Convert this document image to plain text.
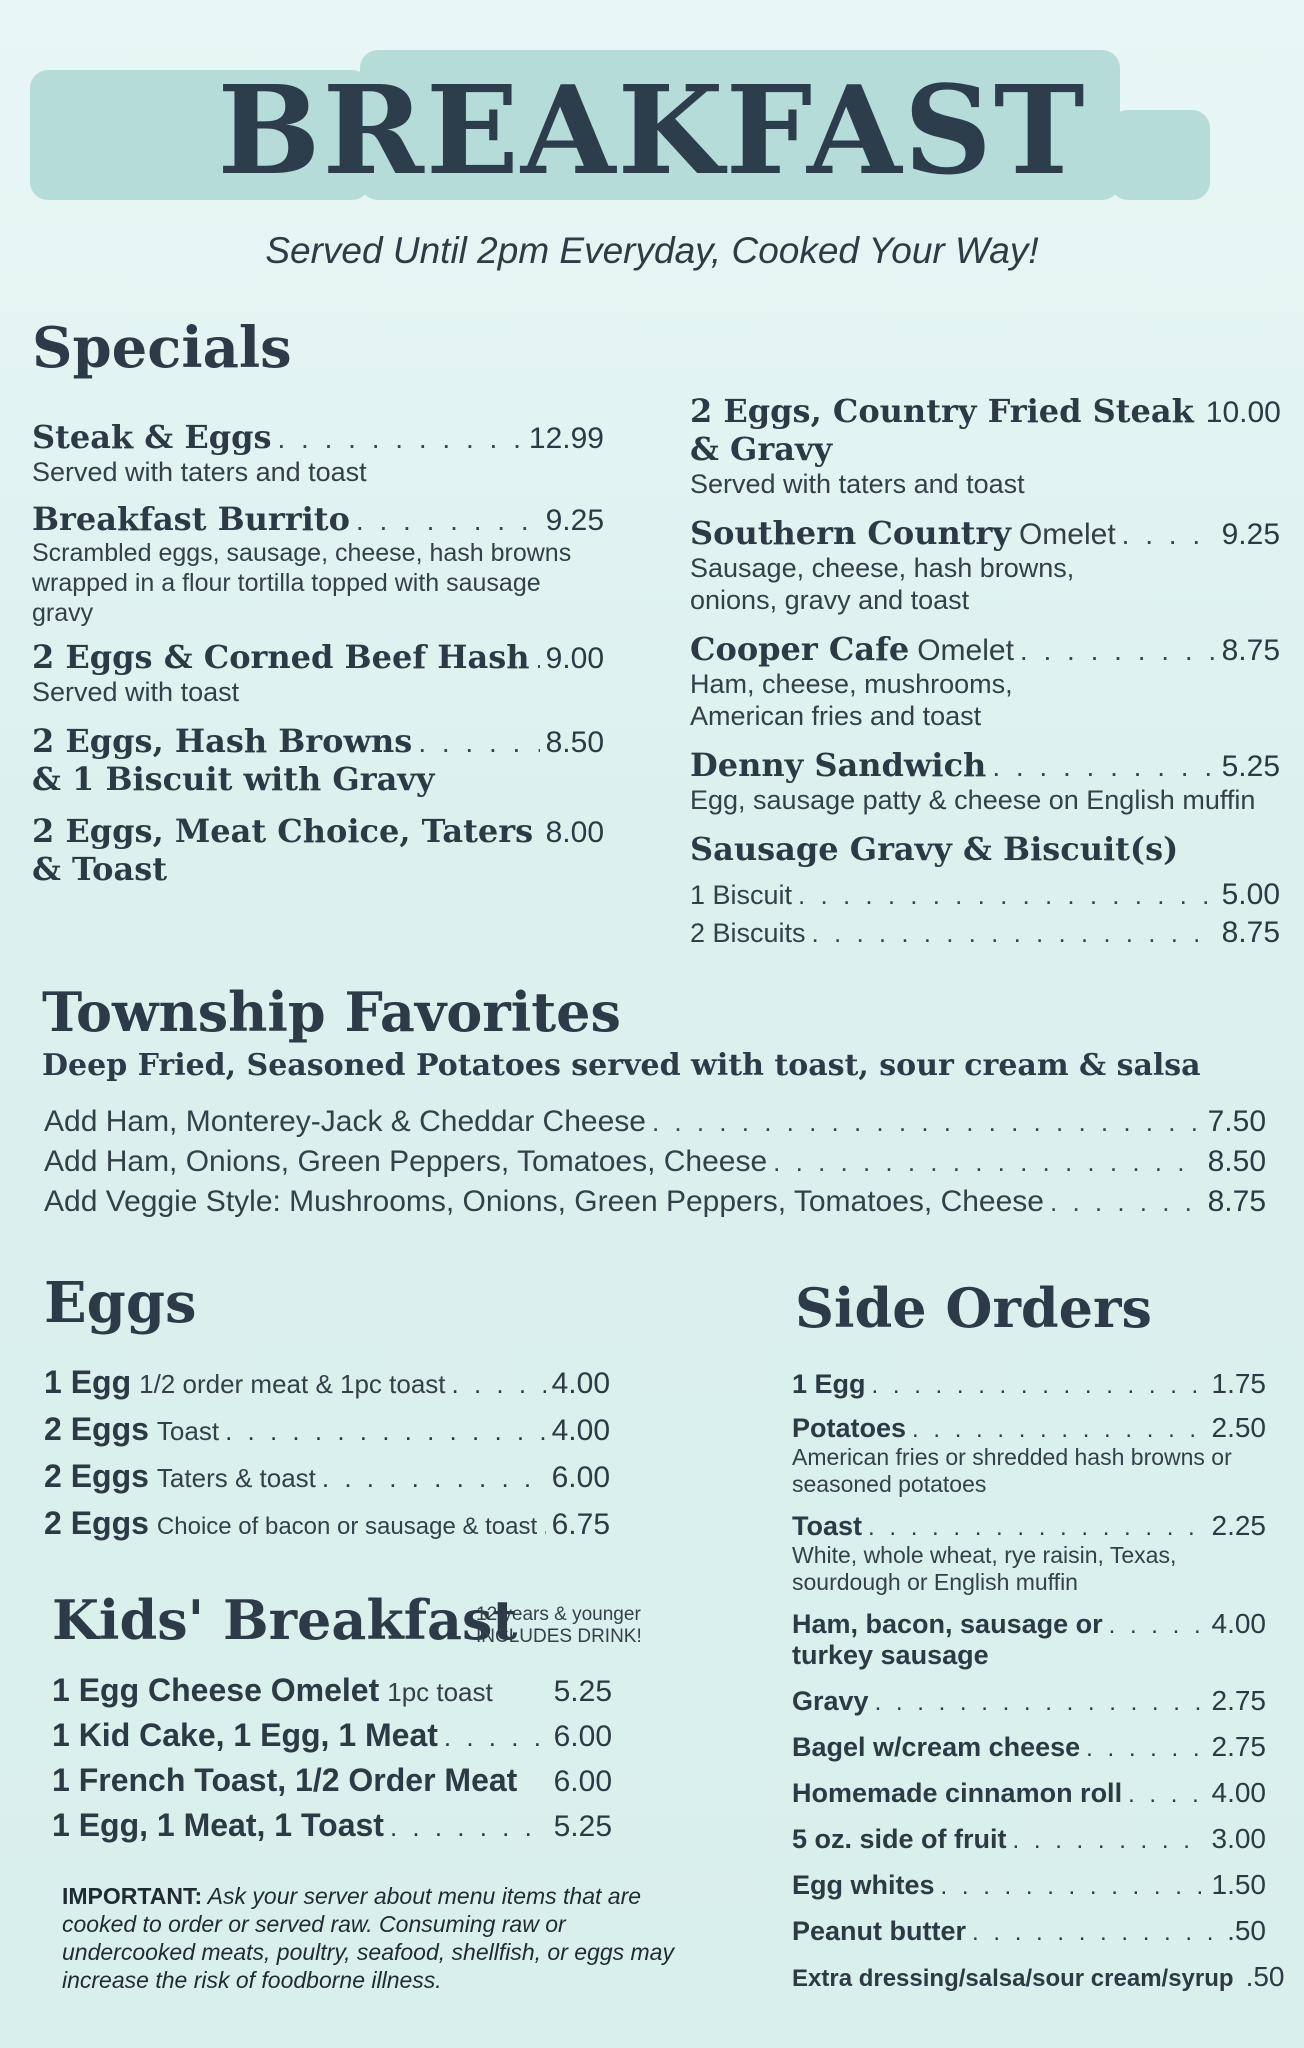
BREAKFAST
Served Until 2pm Everyday, Cooked Your Way!
Specials
Steak & Eggs . . .	12.99
Served with taters and toast
Breakfast Burrito . . .	9.25
Scrambled eggs, sausage, cheese, hash browns wrapped in a flour tortilla topped with sausage gravy
2 Eggs & Corned Beef Hash . . . 9.00
Served with toast
2 Eggs, Hash Browns . . .	8.50
& 1 Biscuit with Gravy
2 Eggs, Meat Choice, Taters . . . 8.00
& Toast
2 Eggs, Country Fried Steak 10.00
& Gravy
Served with taters and toast
Southern Country Omelet . . .	9.25
Sausage, cheese, hash browns, onions, gravy and toast
Cooper Cafe Omelet . . .	8.75
Ham, cheese, mushrooms, American fries and toast
Denny Sandwich . . .	5.25
Egg, sausage patty & cheese on English muffin
Sausage Gravy & Biscuit(s)
1 Biscuit . . .	5.00
2 Biscuits . . .	8.75
Township Favorites
Deep Fried, Seasoned Potatoes served with toast, sour cream & salsa
Add Ham, Monterey-Jack & Cheddar Cheese . . .	7.50
Add Ham, Onions, Green Peppers, Tomatoes, Cheese . . .	8.50
Add Veggie Style: Mushrooms, Onions, Green Peppers, Tomatoes, Cheese . . .	8.75
Eggs
1 Egg 1/2 order meat & 1pc toast . . .	4.00
2 Eggs Toast . . .	4.00
2 Eggs Taters & toast . . .	6.00
2 Eggs Choice of bacon or sausage & toast . . . 6.75
Kids' Breakfast
12 years & younger
INCLUDES DRINK!
1 Egg Cheese Omelet 1pc toast 5.25
1 Kid Cake, 1 Egg, 1 Meat . . .	6.00
1 French Toast, 1/2 Order Meat 6.00
1 Egg, 1 Meat, 1 Toast . . .	5.25
IMPORTANT: Ask your server about menu items that are cooked to order or served raw. Consuming raw or undercooked meats, poultry, seafood, shellfish, or eggs may increase the risk of foodborne illness.
Side Orders
1 Egg . . .	1.75
Potatoes . . .	2.50
American fries or shredded hash browns or seasoned potatoes
Toast . . .	2.25
White, whole wheat, rye raisin, Texas, sourdough or English muffin
Ham, bacon, sausage or . . .	4.00
turkey sausage
Gravy . . .	2.75
Bagel w/cream cheese . . .	2.75
Homemade cinnamon roll . . .	4.00
5 oz. side of fruit . . .	3.00
Egg whites . . .	1.50
Peanut butter . . .	.50
Extra dressing/salsa/sour cream/syrup .50
